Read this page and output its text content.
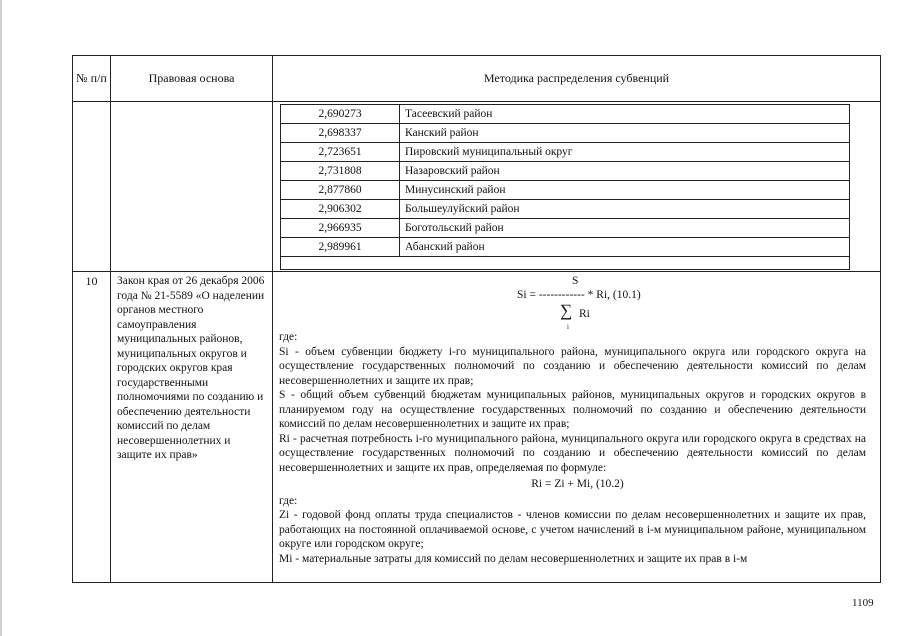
№ п/п	Правовая основа	Методика распределения субвенций

2,690273	Тасеевский район
2,698337	Канский район
2,723651	Пировский муниципальный округ
2,731808	Назаровский район
2,877860	Минусинский район
2,906302	Большеулуйский район
2,966935	Боготольский район
2,989961	Абанский район

10	Закон края от 26 декабря 2006 года № 21-5589 «О наделении органов местного самоуправления муниципальных районов, муниципальных округов и городских округов края государственными полномочиями по созданию и обеспечению деятельности комиссий по делам несовершеннолетних и защите их прав»	
S
Si = ------------ * Ri, (10.1)
∑ Ri
i

где:

Si - объем субвенции бюджету i-го муниципального района, муниципального округа или городского округа на осуществление государственных полномочий по созданию и обеспечению деятельности комиссий по делам несовершеннолетних и защите их прав;

S - общий объем субвенций бюджетам муниципальных районов, муниципальных округов и городских округов в планируемом году на осуществление государственных полномочий по созданию и обеспечению деятельности комиссий по делам несовершеннолетних и защите их прав;

Ri - расчетная потребность i-го муниципального района, муниципального округа или городского округа в средствах на осуществление государственных полномочий по созданию и обеспечению деятельности комиссий по делам несовершеннолетних и защите их прав, определяемая по формуле:

Ri = Zi + Mi, (10.2)

где:

Zi - годовой фонд оплаты труда специалистов - членов комиссии по делам несовершеннолетних и защите их прав, работающих на постоянной оплачиваемой основе, с учетом начислений в i-м муниципальном районе, муниципальном округе или городском округе;

Mi - материальные затраты для комиссий по делам несовершеннолетних и защите их прав в i-м

1109
